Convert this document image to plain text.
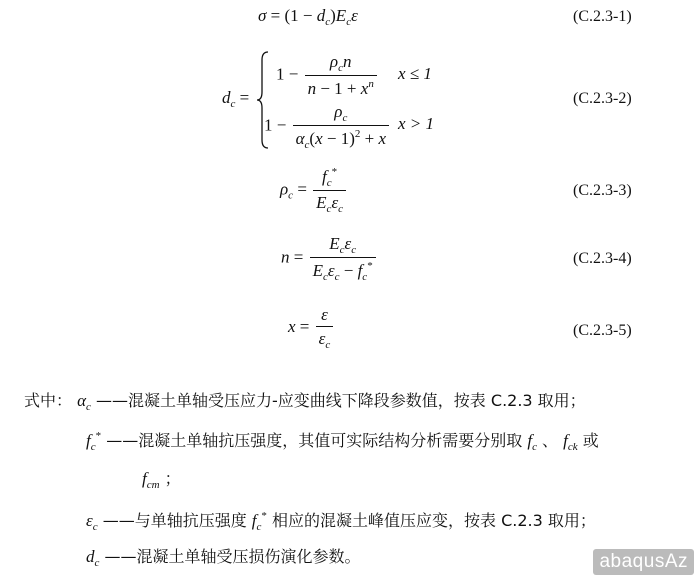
$\sigma = (1 - d_c)E_c\varepsilon$	(C.2.3-1)
$d_c$ =
$1 - \frac{\rho_cn}{n - 1 + x^n}$ x ≤ 1
$1 - \frac{\rho_c}{\alpha_c(x - 1)^2 + x}$ x > 1
(C.2.3-2)
$\rho_c = \frac{f_c^*}{E_c\varepsilon_c}$	(C.2.3-3)
$n = \frac{E_c\varepsilon_c}{E_c\varepsilon_c - f_c^*}$	(C.2.3-4)
$x = \frac{\varepsilon}{\varepsilon_c}$	(C.2.3-5)
式中： $\alpha_c$ ——混凝土单轴受压应力-应变曲线下降段参数值，按表 C.2.3 取用；
$f_c^*$ ——混凝土单轴抗压强度，其值可实际结构分析需要分别取 $f_c$ 、 $f_{ck}$ 或
$f_{cm}$ ；
$\varepsilon_c$ ——与单轴抗压强度 $f_c^*$ 相应的混凝土峰值压应变，按表 C.2.3 取用；
$d_c$ ——混凝土单轴受压损伤演化参数。	abaqusAz
